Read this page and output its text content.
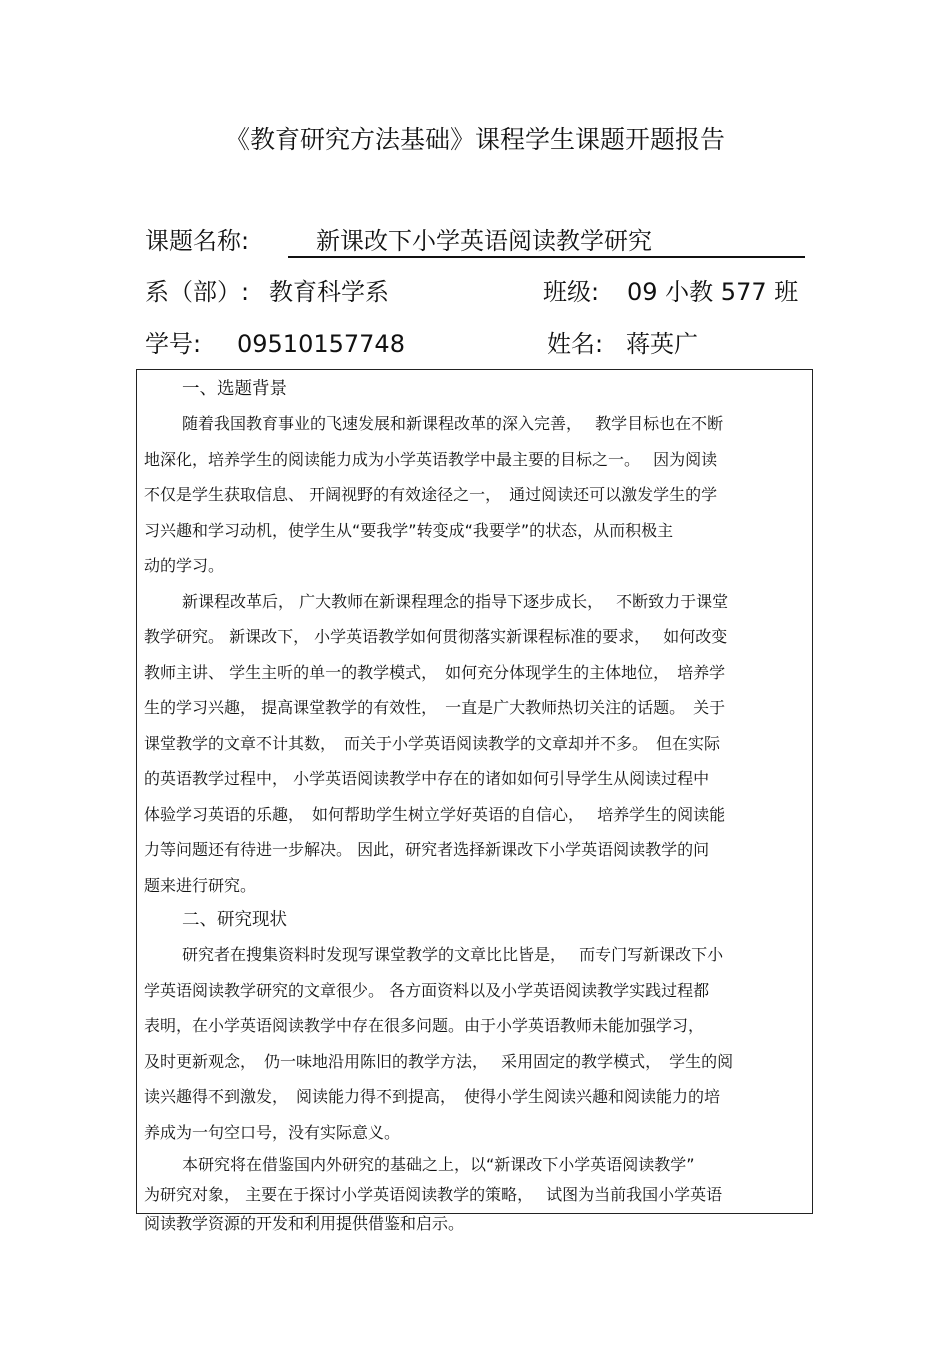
《教育研究方法基础》课程学生课题开题报告
课题名称:	新课改下小学英语阅读教学研究
系（部）: 教育科学系	班级: 09 小教 577 班
学号: 09510157748	姓名: 蒋英广
一、选题背景
随着我国教育事业的飞速发展和新课程改革的深入完善，　 教学目标也在不断
地深化，培养学生的阅读能力成为小学英语教学中最主要的目标之一。　 因为阅读
不仅是学生获取信息、 开阔视野的有效途径之一，　通过阅读还可以激发学生的学
习兴趣和学习动机，使学生从“要我学”转变成“我要学”的状态，从而积极主
动的学习。
新课程改革后， 广大教师在新课程理念的指导下逐步成长，　 不断致力于课堂
教学研究。 新课改下， 小学英语教学如何贯彻落实新课程标准的要求，　 如何改变
教师主讲、 学生主听的单一的教学模式，　如何充分体现学生的主体地位，　培养学
生的学习兴趣， 提高课堂教学的有效性，　一直是广大教师热切关注的话题。　关于
课堂教学的文章不计其数，　而关于小学英语阅读教学的文章却并不多。　但在实际
的英语教学过程中， 小学英语阅读教学中存在的诸如如何引导学生从阅读过程中
体验学习英语的乐趣，　如何帮助学生树立学好英语的自信心，　 培养学生的阅读能
力等问题还有待进一步解决。 因此，研究者选择新课改下小学英语阅读教学的问
题来进行研究。
二、研究现状
研究者在搜集资料时发现写课堂教学的文章比比皆是，　 而专门写新课改下小
学英语阅读教学研究的文章很少。 各方面资料以及小学英语阅读教学实践过程都
表明，在小学英语阅读教学中存在很多问题。由于小学英语教师未能加强学习，
及时更新观念，　仍一味地沿用陈旧的教学方法，　 采用固定的教学模式，　学生的阅
读兴趣得不到激发，　阅读能力得不到提高，　使得小学生阅读兴趣和阅读能力的培
养成为一句空口号，没有实际意义。
本研究将在借鉴国内外研究的基础之上，以“新课改下小学英语阅读教学”
为研究对象， 主要在于探讨小学英语阅读教学的策略，　 试图为当前我国小学英语
阅读教学资源的开发和利用提供借鉴和启示。
